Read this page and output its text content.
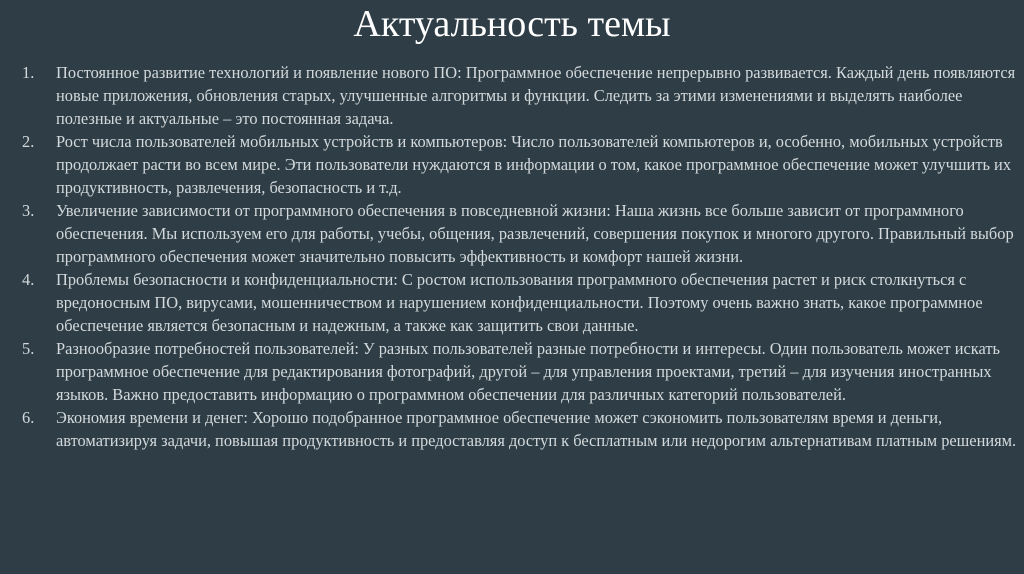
Актуальность темы
1.	Постоянное развитие технологий и появление нового ПО: Программное обеспечение непрерывно развивается. Каждый день появляются новые приложения, обновления старых, улучшенные алгоритмы и функции. Следить за этими изменениями и выделять наиболее полезные и актуальные – это постоянная задача.
2.	Рост числа пользователей мобильных устройств и компьютеров: Число пользователей компьютеров и, особенно, мобильных устройств продолжает расти во всем мире. Эти пользователи нуждаются в информации о том, какое программное обеспечение может улучшить их продуктивность, развлечения, безопасность и т.д.
3.	Увеличение зависимости от программного обеспечения в повседневной жизни: Наша жизнь все больше зависит от программного обеспечения. Мы используем его для работы, учебы, общения, развлечений, совершения покупок и многого другого. Правильный выбор программного обеспечения может значительно повысить эффективность и комфорт нашей жизни.
4.	Проблемы безопасности и конфиденциальности: С ростом использования программного обеспечения растет и риск столкнуться с вредоносным ПО, вирусами, мошенничеством и нарушением конфиденциальности. Поэтому очень важно знать, какое программное обеспечение является безопасным и надежным, а также как защитить свои данные.
5.	Разнообразие потребностей пользователей: У разных пользователей разные потребности и интересы. Один пользователь может искать программное обеспечение для редактирования фотографий, другой – для управления проектами, третий – для изучения иностранных языков. Важно предоставить информацию о программном обеспечении для различных категорий пользователей.
6.	Экономия времени и денег: Хорошо подобранное программное обеспечение может сэкономить пользователям время и деньги, автоматизируя задачи, повышая продуктивность и предоставляя доступ к бесплатным или недорогим альтернативам платным решениям.
